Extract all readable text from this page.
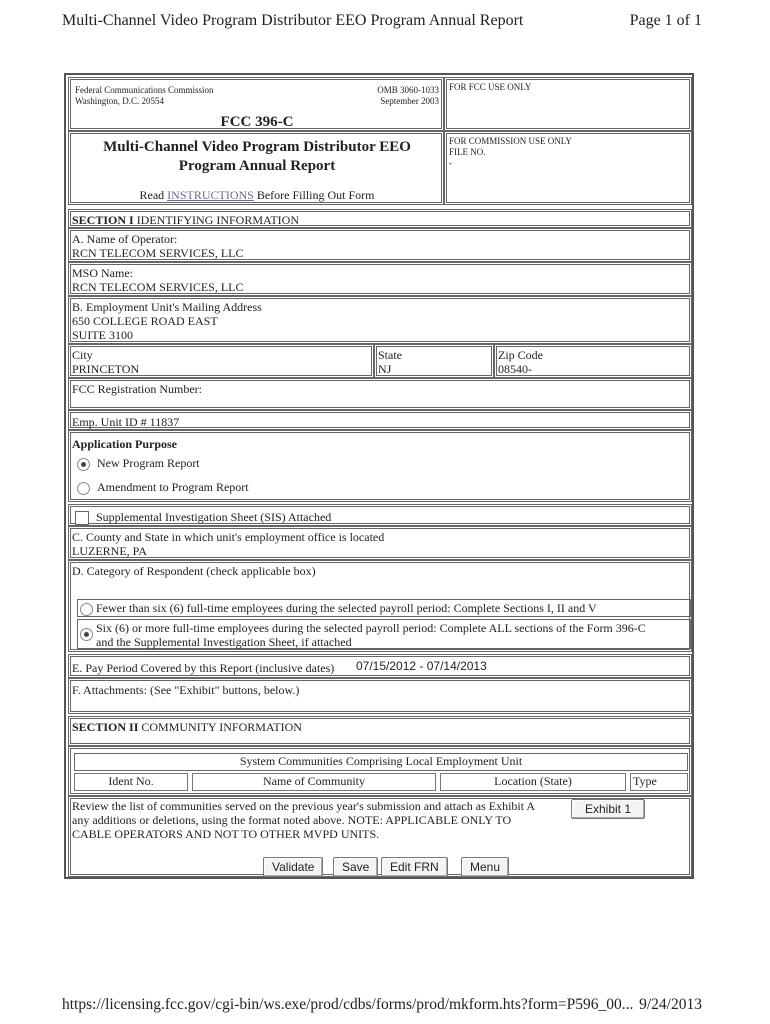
Multi-Channel Video Program Distributor EEO Program Annual Report	Page 1 of 1
Federal Communications Commission
Washington, D.C. 20554
OMB 3060-1033
September 2003
FCC 396-C
FOR FCC USE ONLY
Multi-Channel Video Program Distributor EEO
Program Annual Report
Read INSTRUCTIONS Before Filling Out Form
FOR COMMISSION USE ONLY
FILE NO.
-
SECTION I IDENTIFYING INFORMATION
A. Name of Operator:
RCN TELECOM SERVICES, LLC
MSO Name:
RCN TELECOM SERVICES, LLC
B. Employment Unit's Mailing Address
650 COLLEGE ROAD EAST
SUITE 3100
City
PRINCETON
State
NJ
Zip Code
08540-
FCC Registration Number:
Emp. Unit ID # 11837
Application Purpose
New Program Report
Amendment to Program Report
Supplemental Investigation Sheet (SIS) Attached
C. County and State in which unit's employment office is located
LUZERNE, PA
D. Category of Respondent (check applicable box)
Fewer than six (6) full-time employees during the selected payroll period: Complete Sections I, II and V
Six (6) or more full-time employees during the selected payroll period: Complete ALL sections of the Form 396-C
and the Supplemental Investigation Sheet, if attached
E. Pay Period Covered by this Report (inclusive dates) 07/15/2012 - 07/14/2013
F. Attachments: (See "Exhibit" buttons, below.)
SECTION II COMMUNITY INFORMATION
System Communities Comprising Local Employment Unit
Ident No.	Name of Community	Location (State)	Type
Review the list of communities served on the previous year's submission and attach as Exhibit A
any additions or deletions, using the format noted above. NOTE: APPLICABLE ONLY TO
CABLE OPERATORS AND NOT TO OTHER MVPD UNITS.
Exhibit 1
Validate	Save	Edit FRN	Menu
https://licensing.fcc.gov/cgi-bin/ws.exe/prod/cdbs/forms/prod/mkform.hts?form=P596_00... 9/24/2013
